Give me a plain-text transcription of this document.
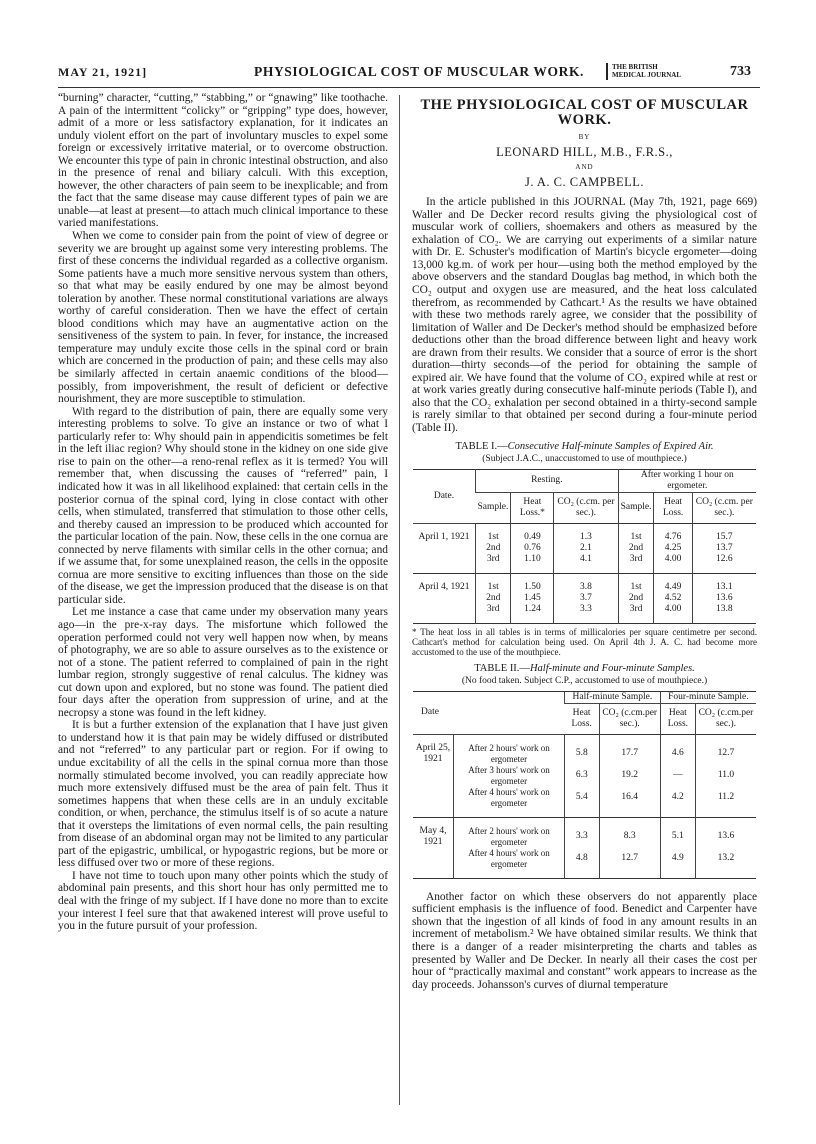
MAY 21, 1921]	PHYSIOLOGICAL COST OF MUSCULAR WORK.	THE BRITISH
MEDICAL JOURNAL	733

“burning” character, “cutting,” “stabbing,” or “gnawing” like toothache. A pain of the intermittent “colicky” or “gripping” type does, however, admit of a more or less satisfactory explanation, for it indicates an unduly violent effort on the part of involuntary muscles to expel some foreign or excessively irritative material, or to overcome obstruction. We encounter this type of pain in chronic intestinal obstruction, and also in the presence of renal and biliary calculi. With this exception, however, the other characters of pain seem to be inexplicable; and from the fact that the same disease may cause different types of pain we are unable—at least at present—to attach much clinical importance to these varied manifestations.

When we come to consider pain from the point of view of degree or severity we are brought up against some very interesting problems. The first of these concerns the individual regarded as a collective organism. Some patients have a much more sensitive nervous system than others, so that what may be easily endured by one may be almost beyond toleration by another. These normal constitutional variations are always worthy of careful consideration. Then we have the effect of certain blood conditions which may have an augmentative action on the sensitiveness of the system to pain. In fever, for instance, the increased temperature may unduly excite those cells in the spinal cord or brain which are concerned in the production of pain; and these cells may also be similarly affected in certain anaemic conditions of the blood—possibly, from impoverishment, the result of deficient or defective nourishment, they are more susceptible to stimulation.

With regard to the distribution of pain, there are equally some very interesting problems to solve. To give an instance or two of what I particularly refer to: Why should pain in appendicitis sometimes be felt in the left iliac region? Why should stone in the kidney on one side give rise to pain on the other—a reno-renal reflex as it is termed? You will remember that, when discussing the causes of “referred” pain, I indicated how it was in all likelihood explained: that certain cells in the posterior cornua of the spinal cord, lying in close contact with other cells, when stimulated, transferred that stimulation to those other cells, and thereby caused an impression to be produced which accounted for the particular location of the pain. Now, these cells in the one cornua are connected by nerve filaments with similar cells in the other cornua; and if we assume that, for some unexplained reason, the cells in the opposite cornua are more sensitive to exciting influences than those on the side of the disease, we get the impression produced that the disease is on that particular side.

Let me instance a case that came under my observation many years ago—in the pre-x-ray days. The misfortune which followed the operation performed could not very well happen now when, by means of photography, we are so able to assure ourselves as to the existence or not of a stone. The patient referred to complained of pain in the right lumbar region, strongly suggestive of renal calculus. The kidney was cut down upon and explored, but no stone was found. The patient died four days after the operation from suppression of urine, and at the necropsy a stone was found in the left kidney.

It is but a further extension of the explanation that I have just given to understand how it is that pain may be widely diffused or distributed and not “referred” to any particular part or region. For if owing to undue excitability of all the cells in the spinal cornua more than those normally stimulated become involved, you can readily appreciate how much more extensively diffused must be the area of pain felt. Thus it sometimes happens that when these cells are in an unduly excitable condition, or when, perchance, the stimulus itself is of so acute a nature that it oversteps the limitations of even normal cells, the pain resulting from disease of an abdominal organ may not be limited to any particular part of the epigastric, umbilical, or hypogastric regions, but be more or less diffused over two or more of these regions.

I have not time to touch upon many other points which the study of abdominal pain presents, and this short hour has only permitted me to deal with the fringe of my subject. If I have done no more than to excite your interest I feel sure that that awakened interest will prove useful to you in the future pursuit of your profession.

THE PHYSIOLOGICAL COST OF MUSCULAR WORK.
BY
LEONARD HILL, M.B., F.R.S.,
AND
J. A. C. CAMPBELL.

In the article published in this JOURNAL (May 7th, 1921, page 669) Waller and De Decker record results giving the physiological cost of muscular work of colliers, shoemakers and others as measured by the exhalation of CO₂. We are carrying out experiments of a similar nature with Dr. E. Schuster's modification of Martin's bicycle ergometer—doing 13,000 kg.m. of work per hour—using both the method employed by the above observers and the standard Douglas bag method, in which both the CO₂ output and oxygen use are measured, and the heat loss calculated therefrom, as recommended by Cathcart.¹ As the results we have obtained with these two methods rarely agree, we consider that the possibility of limitation of Waller and De Decker's method should be emphasized before deductions other than the broad difference between light and heavy work are drawn from their results. We consider that a source of error is the short duration—thirty seconds—of the period for obtaining the sample of expired air. We have found that the volume of CO₂ expired while at rest or at work varies greatly during consecutive half-minute periods (Table I), and also that the CO₂ exhalation per second obtained in a thirty-second sample is rarely similar to that obtained per second during a four-minute period (Table II).

TABLE I.—Consecutive Half-minute Samples of Expired Air.
(Subject J.A.C., unaccustomed to use of mouthpiece.)
Date.	Resting.			After working 1 hour on ergometer.		
	Sample.	Heat Loss.*	CO₂ (c.cm. per sec.).	Sample.	Heat Loss.	CO₂ (c.cm. per sec.).

April 1, 1921	1st	0.49	1.3	1st	4.76	15.7
	2nd	0.76	2.1	2nd	4.25	13.7
	3rd	1.10	4.1	3rd	4.00	12.6

April 4, 1921	1st	1.50	3.8	1st	4.49	13.1
	2nd	1.45	3.7	2nd	4.52	13.6
	3rd	1.24	3.3	3rd	4.00	13.8

* The heat loss in all tables is in terms of millicalories per square centimetre per second. Cathcart's method for calculation being used. On April 4th J. A. C. had become more accustomed to the use of the mouthpiece.
TABLE II.—Half-minute and Four-minute Samples.
(No food taken. Subject C.P., accustomed to use of mouthpiece.)
Date		Half-minute Sample.		Four-minute Sample.	
		Heat Loss.	CO₂ (c.cm.per sec.).	Heat Loss.	CO₂ (c.cm.per sec.).

April 25, 1921	After 2 hours' work on ergometer	5.8	17.7	4.6	12.7
	After 3 hours' work on ergometer	6.3	19.2	—	11.0
	After 4 hours' work on ergometer	5.4	16.4	4.2	11.2

May 4, 1921	After 2 hours' work on ergometer	3.3	8.3	5.1	13.6
	After 4 hours' work on ergometer	4.8	12.7	4.9	13.2

Another factor on which these observers do not apparently place sufficient emphasis is the influence of food. Benedict and Carpenter have shown that the ingestion of all kinds of food in any amount results in an increment of metabolism.² We have obtained similar results. We think that there is a danger of a reader misinterpreting the charts and tables as presented by Waller and De Decker. In nearly all their cases the cost per hour of “practically maximal and constant” work appears to increase as the day proceeds. Johansson's curves of diurnal temperature
